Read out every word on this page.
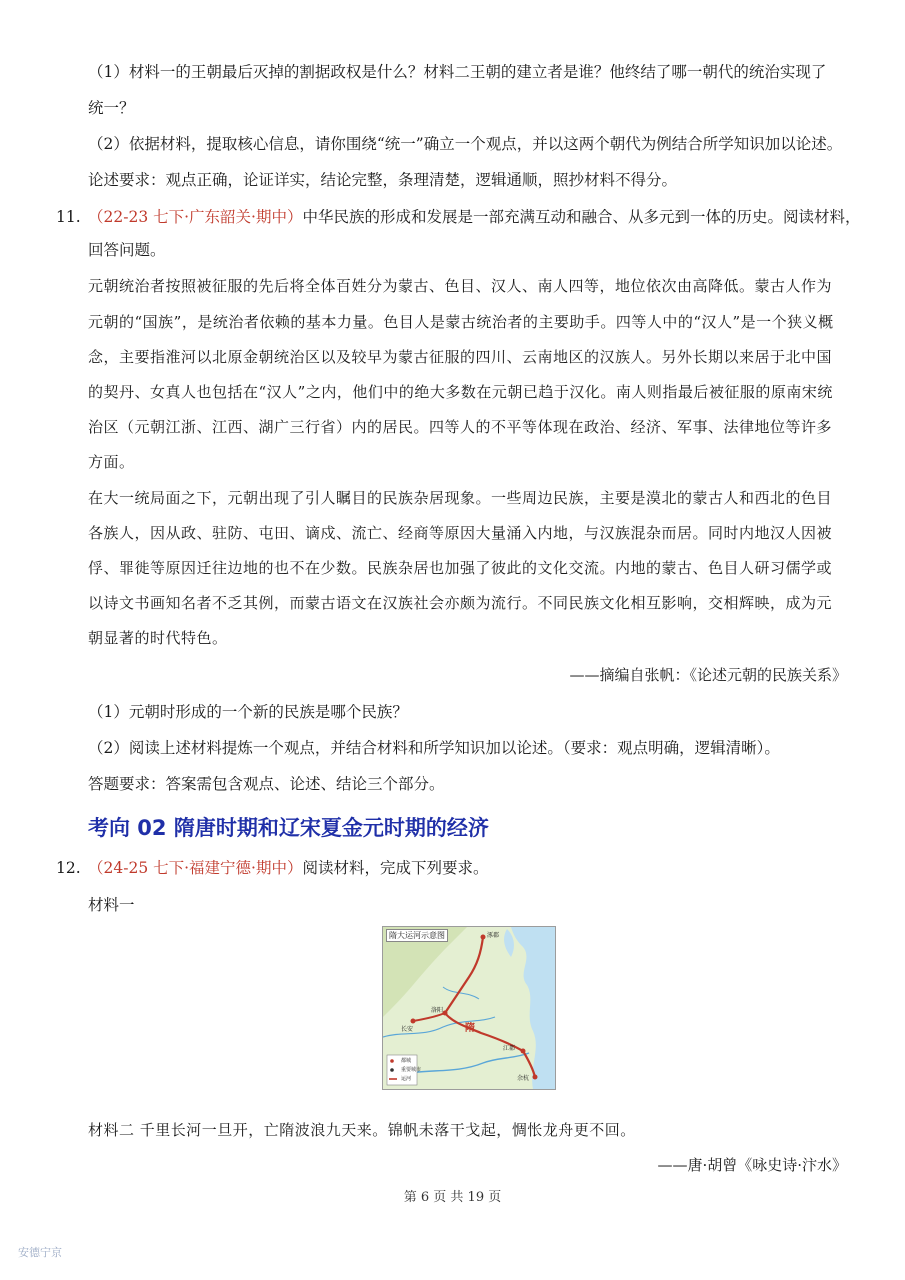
（1）材料一的王朝最后灭掉的割据政权是什么？材料二王朝的建立者是谁？他终结了哪一朝代的统治实现了
统一？
（2）依据材料，提取核心信息，请你围绕“统一”确立一个观点，并以这两个朝代为例结合所学知识加以论述。
论述要求：观点正确，论证详实，结论完整，条理清楚，逻辑通顺，照抄材料不得分。
11. （22-23 七下·广东韶关·期中）中华民族的形成和发展是一部充满互动和融合、从多元到一体的历史。阅读材料，
回答问题。
元朝统治者按照被征服的先后将全体百姓分为蒙古、色目、汉人、南人四等，地位依次由高降低。蒙古人作为
元朝的“国族”，是统治者依赖的基本力量。色目人是蒙古统治者的主要助手。四等人中的“汉人”是一个狭义概
念，主要指淮河以北原金朝统治区以及较早为蒙古征服的四川、云南地区的汉族人。另外长期以来居于北中国
的契丹、女真人也包括在“汉人”之内，他们中的绝大多数在元朝已趋于汉化。南人则指最后被征服的原南宋统
治区（元朝江浙、江西、湖广三行省）内的居民。四等人的不平等体现在政治、经济、军事、法律地位等许多
方面。
在大一统局面之下，元朝出现了引人瞩目的民族杂居现象。一些周边民族，主要是漠北的蒙古人和西北的色目
各族人，因从政、驻防、屯田、谪戍、流亡、经商等原因大量涌入内地，与汉族混杂而居。同时内地汉人因被
俘、罪徙等原因迁往边地的也不在少数。民族杂居也加强了彼此的文化交流。内地的蒙古、色目人研习儒学或
以诗文书画知名者不乏其例，而蒙古语文在汉族社会亦颇为流行。不同民族文化相互影响，交相辉映，成为元
朝显著的时代特色。
——摘编自张帆：《论述元朝的民族关系》
（1）元朝时形成的一个新的民族是哪个民族？
（2）阅读上述材料提炼一个观点，并结合材料和所学知识加以论述。（要求：观点明确，逻辑清晰）。
答题要求：答案需包含观点、论述、结论三个部分。
考向 02 隋唐时期和辽宋夏金元时期的经济
12. （24-25 七下·福建宁德·期中）阅读材料，完成下列要求。
材料一
隋大运河示意图	涿郡
洛阳
长安	隋
江都
余杭
都城
重要城市
运河
材料二 千里长河一旦开，亡隋波浪九天来。锦帆未落干戈起，惆怅龙舟更不回。
——唐·胡曾《咏史诗·汴水》
第 6 页 共 19 页
安德宁京
